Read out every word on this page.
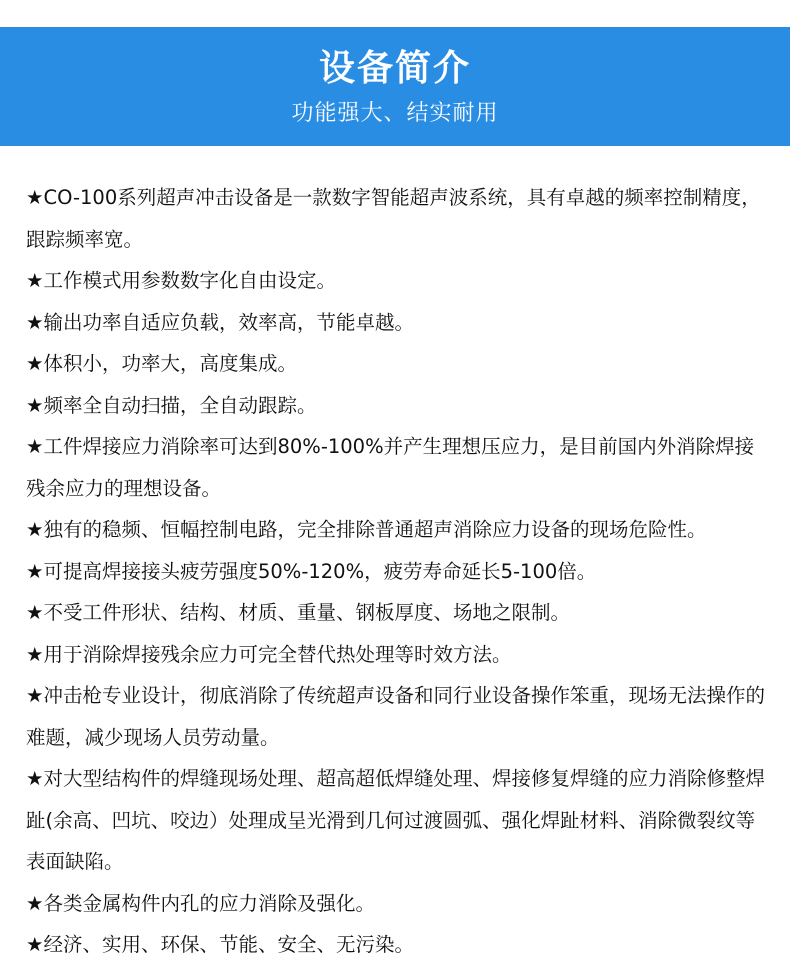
设备简介
功能强大、结实耐用

★CO-100系列超声冲击设备是一款数字智能超声波系统，具有卓越的频率控制精度，跟踪频率宽。

★工作模式用参数数字化自由设定。

★输出功率自适应负载，效率高，节能卓越。

★体积小，功率大，高度集成。

★频率全自动扫描，全自动跟踪。

★工件焊接应力消除率可达到80%-100%并产生理想压应力，是目前国内外消除焊接残余应力的理想设备。

★独有的稳频、恒幅控制电路，完全排除普通超声消除应力设备的现场危险性。

★可提高焊接接头疲劳强度50%-120%，疲劳寿命延长5-100倍。

★不受工件形状、结构、材质、重量、钢板厚度、场地之限制。

★用于消除焊接残余应力可完全替代热处理等时效方法。

★冲击枪专业设计，彻底消除了传统超声设备和同行业设备操作笨重，现场无法操作的难题，减少现场人员劳动量。

★对大型结构件的焊缝现场处理、超高超低焊缝处理、焊接修复焊缝的应力消除修整焊趾(余高、凹坑、咬边）处理成呈光滑到几何过渡圆弧、强化焊趾材料、消除微裂纹等表面缺陷。

★各类金属构件内孔的应力消除及强化。

★经济、实用、环保、节能、安全、无污染。
